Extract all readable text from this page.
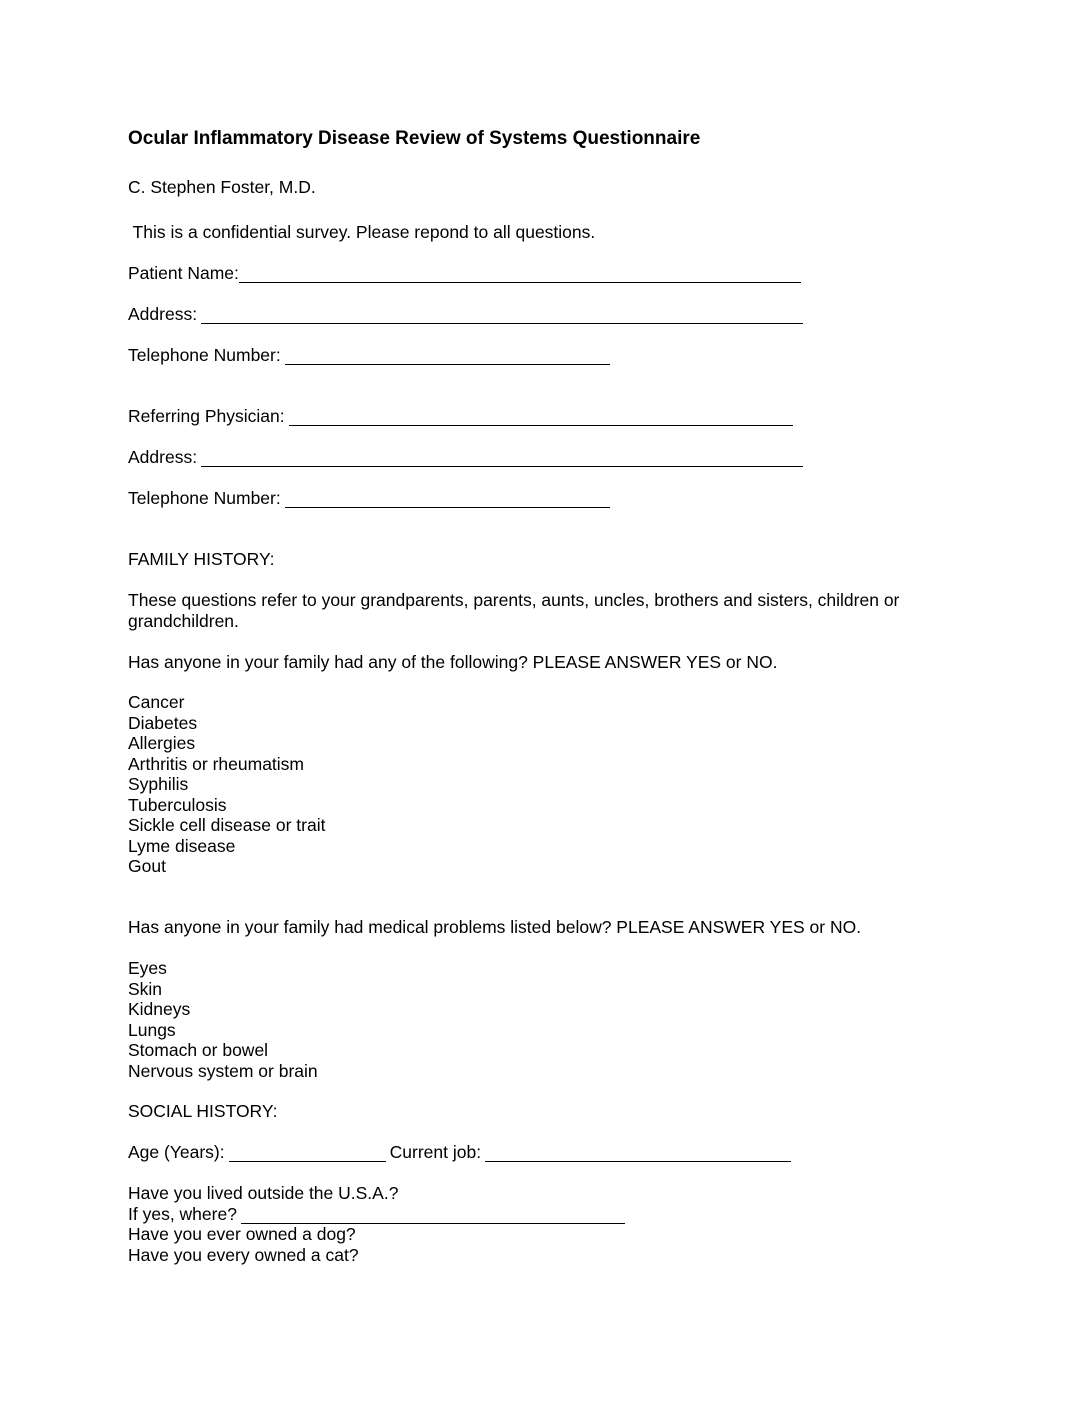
Ocular Inflammatory Disease Review of Systems Questionnaire
C. Stephen Foster, M.D.
This is a confidential survey. Please repond to all questions.
Patient Name:
Address:
Telephone Number:
Referring Physician:
Address:
Telephone Number:
FAMILY HISTORY:
These questions refer to your grandparents, parents, aunts, uncles, brothers and sisters, children or grandchildren.
Has anyone in your family had any of the following? PLEASE ANSWER YES or NO.
Cancer
Diabetes
Allergies
Arthritis or rheumatism
Syphilis
Tuberculosis
Sickle cell disease or trait
Lyme disease
Gout
Has anyone in your family had medical problems listed below? PLEASE ANSWER YES or NO.
Eyes
Skin
Kidneys
Lungs
Stomach or bowel
Nervous system or brain
SOCIAL HISTORY:
Age (Years):	Current job:
Have you lived outside the U.S.A.?
If yes, where?
Have you ever owned a dog?
Have you every owned a cat?
